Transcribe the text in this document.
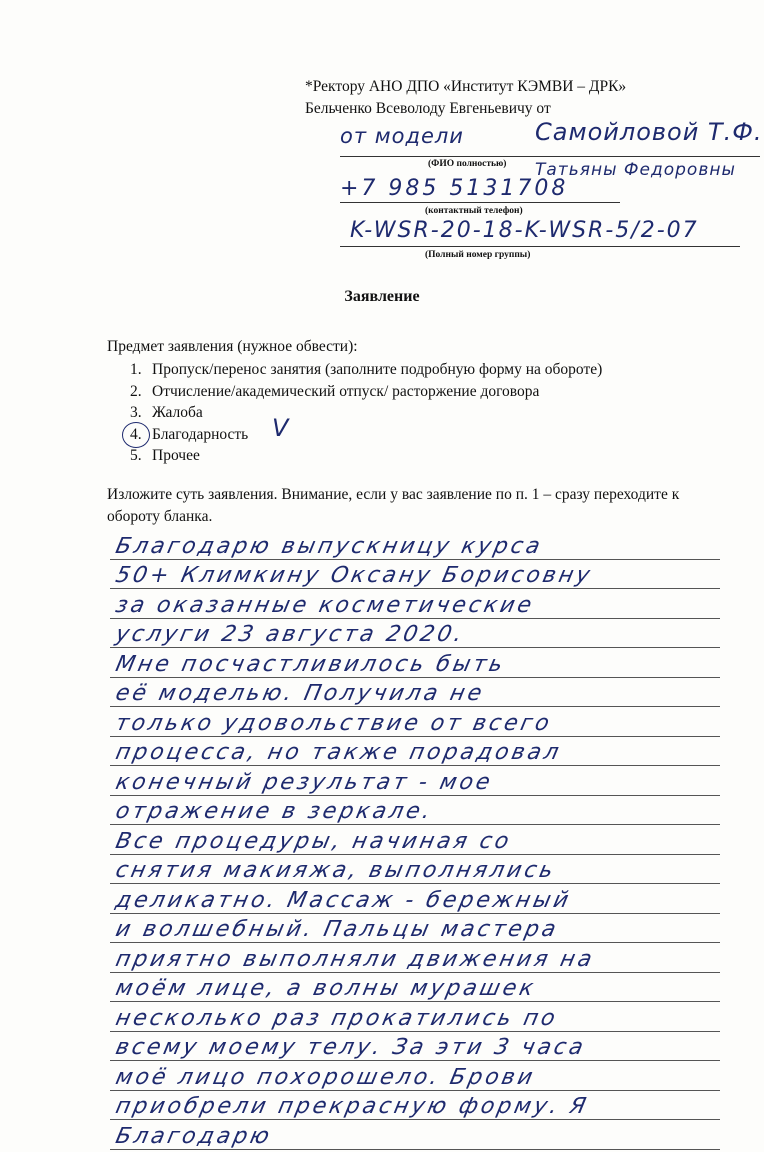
*Ректору АНО ДПО «Институт КЭМВИ – ДРК»
Бельченко Всеволоду Евгеньевичу от
от модели	Самойловой Т.Ф.
(ФИО полностью) Татьяны Федоровны
+7 985 5131708
(контактный телефон)
K-WSR-20-18-K-WSR-5/2-07
(Полный номер группы)
Заявление
Предмет заявления (нужное обвести):
1. Пропуск/перенос занятия (заполните подробную форму на обороте)
2. Отчисление/академический отпуск/ расторжение договора
3. Жалоба
4. Благодарность V
5. Прочее
Изложите суть заявления. Внимание, если у вас заявление по п. 1 – сразу переходите к обороту бланка.
Благодарю выпускницу курса
50+ Климкину Оксану Борисовну
за оказанные косметические
услуги 23 августа 2020.
Мне посчастливилось быть
её моделью. Получила не
только удовольствие от всего
процесса, но также порадовал
конечный результат - мое
отражение в зеркале.
Все процедуры, начиная со
снятия макияжа, выполнялись
деликатно. Массаж - бережный
и волшебный. Пальцы мастера
приятно выполняли движения на
моём лице, а волны мурашек
несколько раз прокатились по
всему моему телу. За эти 3 часа
моё лицо похорошело. Брови
приобрели прекрасную форму. Я
Благодарю
